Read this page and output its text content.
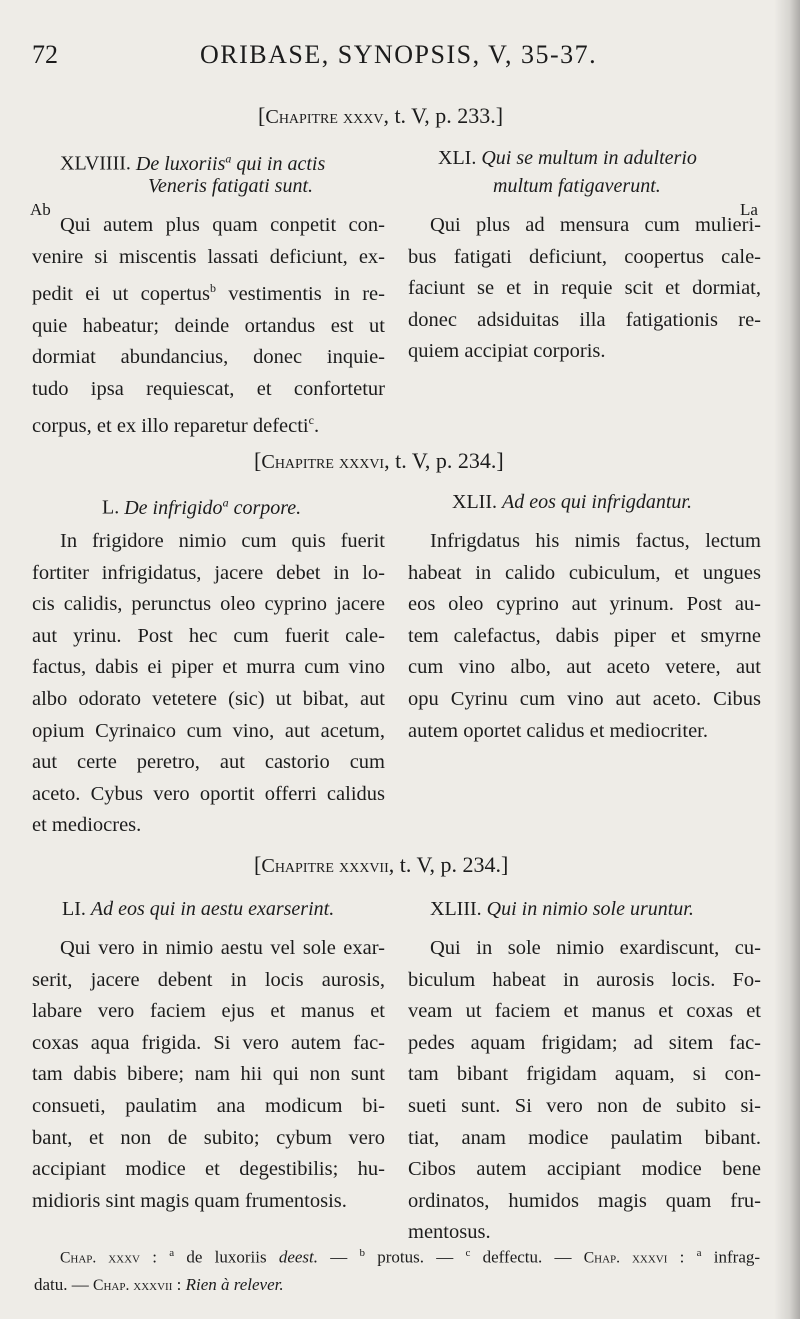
72	ORIBASE, SYNOPSIS, V, 35-37.
[Chapitre xxxv, t. V, p. 233.]
XLVIIII. De luxoriis$^a$ qui in actis
Veneris fatigati sunt.
Ab
Qui autem plus quam conpetit con-
venire si miscentis lassati deficiunt, ex-
pedit ei ut copertus$^b$ vestimentis in re-
quie habeatur; deinde ortandus est ut
dormiat abundancius, donec inquie-
tudo ipsa requiescat, et confortetur
corpus, et ex illo reparetur defecti$^c$.
XLI. Qui se multum in adulterio
multum fatigaverunt.
La
Qui plus ad mensura cum mulieri-
bus fatigati deficiunt, coopertus cale-
faciunt se et in requie scit et dormiat,
donec adsiduitas illa fatigationis re-
quiem accipiat corporis.
[Chapitre xxxvi, t. V, p. 234.]
L. De infrigido$^a$ corpore.
In frigidore nimio cum quis fuerit
fortiter infrigidatus, jacere debet in lo-
cis calidis, perunctus oleo cyprino jacere
aut yrinu. Post hec cum fuerit cale-
factus, dabis ei piper et murra cum vino
albo odorato vetetere (sic) ut bibat, aut
opium Cyrinaico cum vino, aut acetum,
aut certe peretro, aut castorio cum
aceto. Cybus vero oportit offerri calidus
et mediocres.
XLII. Ad eos qui infrigdantur.
Infrigdatus his nimis factus, lectum
habeat in calido cubiculum, et ungues
eos oleo cyprino aut yrinum. Post au-
tem calefactus, dabis piper et smyrne
cum vino albo, aut aceto vetere, aut
opu Cyrinu cum vino aut aceto. Cibus
autem oportet calidus et mediocriter.
[Chapitre xxxvii, t. V, p. 234.]
LI. Ad eos qui in aestu exarserint.
Qui vero in nimio aestu vel sole exar-
serit, jacere debent in locis aurosis,
labare vero faciem ejus et manus et
coxas aqua frigida. Si vero autem fac-
tam dabis bibere; nam hii qui non sunt
consueti, paulatim ana modicum bi-
bant, et non de subito; cybum vero
accipiant modice et degestibilis; hu-
midioris sint magis quam frumentosis.
XLIII. Qui in nimio sole uruntur.
Qui in sole nimio exardiscunt, cu-
biculum habeat in aurosis locis. Fo-
veam ut faciem et manus et coxas et
pedes aquam frigidam; ad sitem fac-
tam bibant frigidam aquam, si con-
sueti sunt. Si vero non de subito si-
tiat, anam modice paulatim bibant.
Cibos autem accipiant modice bene
ordinatos, humidos magis quam fru-
mentosus.
Chap. xxxv : $^a$ de luxoriis deest. — $^b$ protus. — $^c$ deffectu. — Chap. xxxvi : $^a$ infrag-
datu. — Chap. xxxvii : Rien à relever.
